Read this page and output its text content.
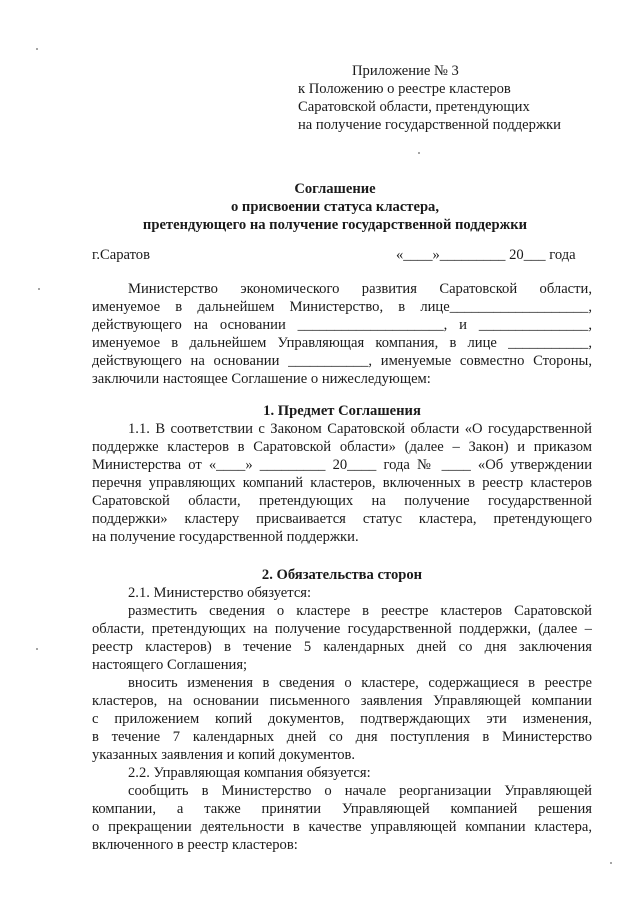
Приложение № 3
к Положению о реестре кластеров
Саратовской области, претендующих
на получение государственной поддержки
Соглашение
о присвоении статуса кластера,
претендующего на получение государственной поддержки
г.Саратов	«____»_________ 20___ года
Министерство экономического развития Саратовской области,
именуемое в дальнейшем Министерство, в лице___________________,
действующего на основании ____________________, и _______________,
именуемое в дальнейшем Управляющая компания, в лице ___________,
действующего на основании ___________, именуемые совместно Стороны,
заключили настоящее Соглашение о нижеследующем:
1. Предмет Соглашения
1.1. В соответствии с Законом Саратовской области «О государственной
поддержке кластеров в Саратовской области» (далее – Закон) и приказом
Министерства от «____» _________ 20____ года № ____ «Об утверждении
перечня управляющих компаний кластеров, включенных в реестр кластеров
Саратовской области, претендующих на получение государственной
поддержки» кластеру присваивается статус кластера, претендующего
на получение государственной поддержки.
2. Обязательства сторон
2.1. Министерство обязуется:
разместить сведения о кластере в реестре кластеров Саратовской
области, претендующих на получение государственной поддержки, (далее –
реестр кластеров) в течение 5 календарных дней со дня заключения
настоящего Соглашения;
вносить изменения в сведения о кластере, содержащиеся в реестре
кластеров, на основании письменного заявления Управляющей компании
с приложением копий документов, подтверждающих эти изменения,
в течение 7 календарных дней со дня поступления в Министерство
указанных заявления и копий документов.
2.2. Управляющая компания обязуется:
сообщить в Министерство о начале реорганизации Управляющей
компании, а также принятии Управляющей компанией решения
о прекращении деятельности в качестве управляющей компании кластера,
включенного в реестр кластеров:
